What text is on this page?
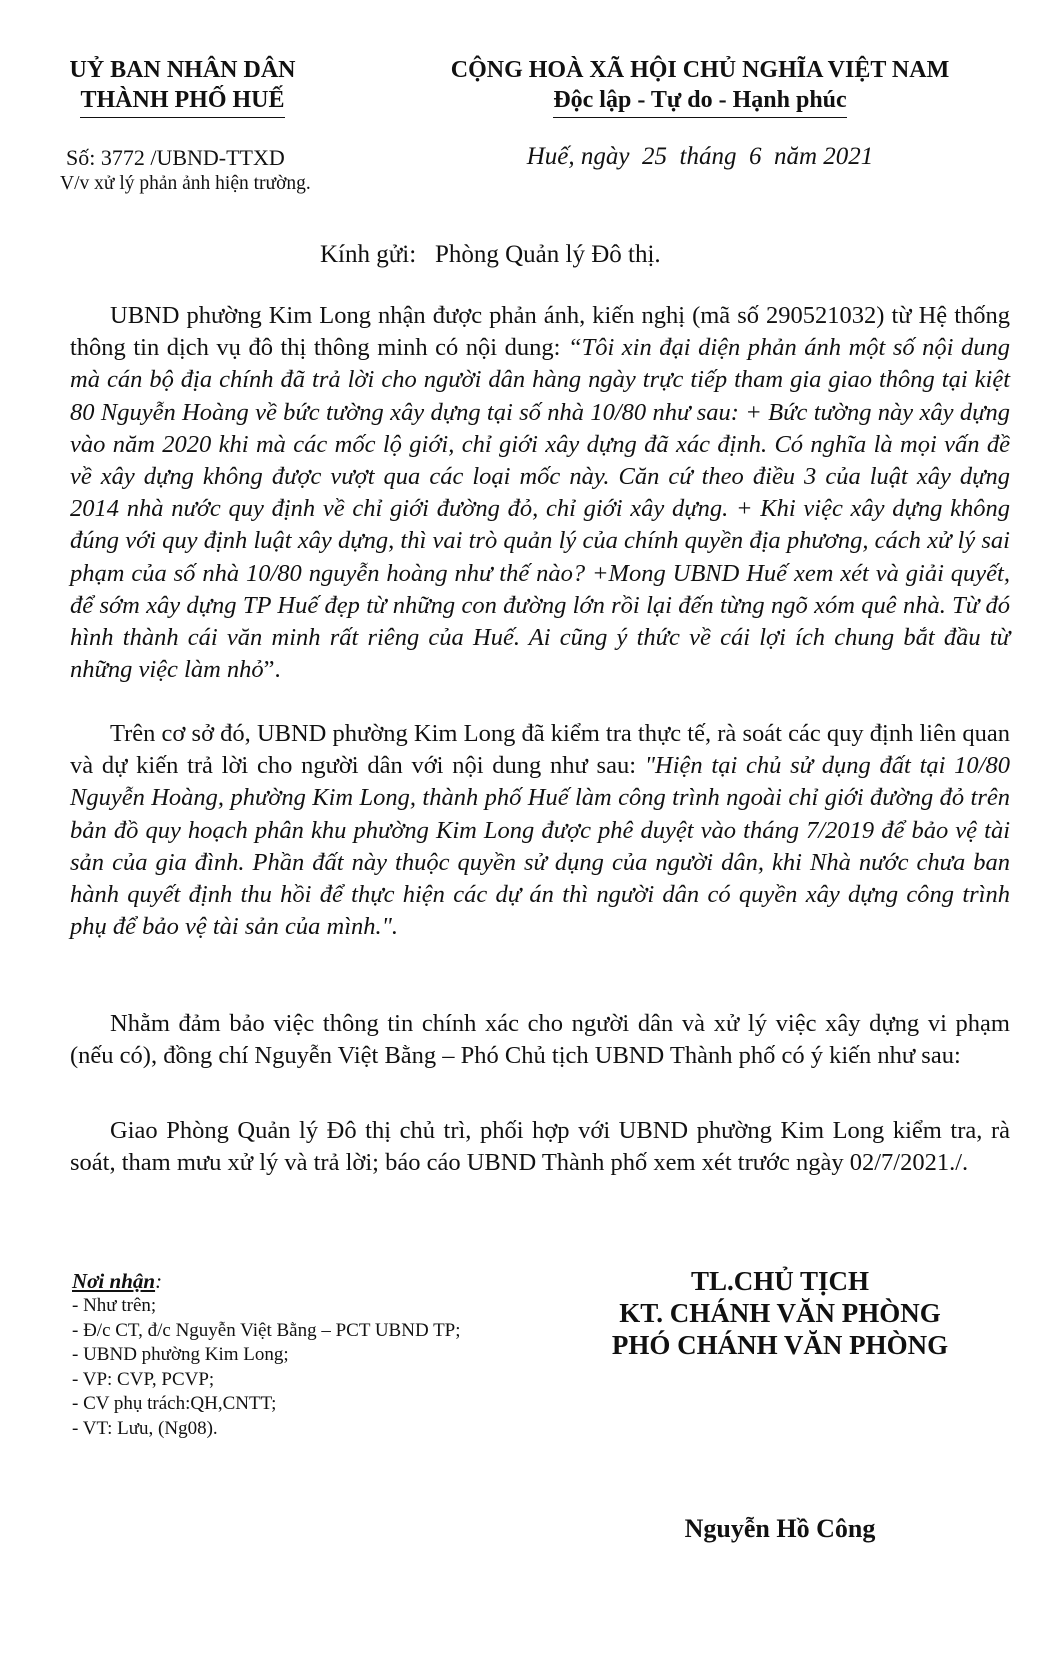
UỶ BAN NHÂN DÂN
THÀNH PHỐ HUẾ
Số: 3772 /UBND-TTXD
V/v xử lý phản ảnh hiện trường.
CỘNG HOÀ XÃ HỘI CHỦ NGHĨA VIỆT NAM
Độc lập - Tự do - Hạnh phúc
Huế, ngày  25  tháng  6  năm 2021
Kính gửi: Phòng Quản lý Đô thị.

UBND phường Kim Long nhận được phản ánh, kiến nghị (mã số 290521032) từ Hệ thống thông tin dịch vụ đô thị thông minh có nội dung: “Tôi xin đại diện phản ánh một số nội dung mà cán bộ địa chính đã trả lời cho người dân hàng ngày trực tiếp tham gia giao thông tại kiệt 80 Nguyễn Hoàng về bức tường xây dựng tại số nhà 10/80 như sau: + Bức tường này xây dựng vào năm 2020 khi mà các mốc lộ giới, chỉ giới xây dựng đã xác định. Có nghĩa là mọi vấn đề về xây dựng không được vượt qua các loại mốc này. Căn cứ theo điều 3 của luật xây dựng 2014 nhà nước quy định về chỉ giới đường đỏ, chỉ giới xây dựng. + Khi việc xây dựng không đúng với quy định luật xây dựng, thì vai trò quản lý của chính quyền địa phương, cách xử lý sai phạm của số nhà 10/80 nguyễn hoàng như thế nào? +Mong UBND Huế xem xét và giải quyết, để sớm xây dựng TP Huế đẹp từ những con đường lớn rồi lại đến từng ngõ xóm quê nhà. Từ đó hình thành cái văn minh rất riêng của Huế. Ai cũng ý thức về cái lợi ích chung bắt đầu từ những việc làm nhỏ”.

Trên cơ sở đó, UBND phường Kim Long đã kiểm tra thực tế, rà soát các quy định liên quan và dự kiến trả lời cho người dân với nội dung như sau: "Hiện tại chủ sử dụng đất tại 10/80 Nguyễn Hoàng, phường Kim Long, thành phố Huế làm công trình ngoài chỉ giới đường đỏ trên bản đồ quy hoạch phân khu phường Kim Long được phê duyệt vào tháng 7/2019 để bảo vệ tài sản của gia đình. Phần đất này thuộc quyền sử dụng của người dân, khi Nhà nước chưa ban hành quyết định thu hồi để thực hiện các dự án thì người dân có quyền xây dựng công trình phụ để bảo vệ tài sản của mình.".

Nhằm đảm bảo việc thông tin chính xác cho người dân và xử lý việc xây dựng vi phạm (nếu có), đồng chí Nguyễn Việt Bằng – Phó Chủ tịch UBND Thành phố có ý kiến như sau:

Giao Phòng Quản lý Đô thị chủ trì, phối hợp với UBND phường Kim Long kiểm tra, rà soát, tham mưu xử lý và trả lời; báo cáo UBND Thành phố xem xét trước ngày 02/7/2021./.

Nơi nhận:
- Như trên;
- Đ/c CT, đ/c Nguyễn Việt Bằng – PCT UBND TP;
- UBND phường Kim Long;
- VP: CVP, PCVP;
- CV phụ trách:QH,CNTT;
- VT: Lưu, (Ng08).
TL.CHỦ TỊCH
KT. CHÁNH VĂN PHÒNG
PHÓ CHÁNH VĂN PHÒNG
Nguyễn Hồ Công
